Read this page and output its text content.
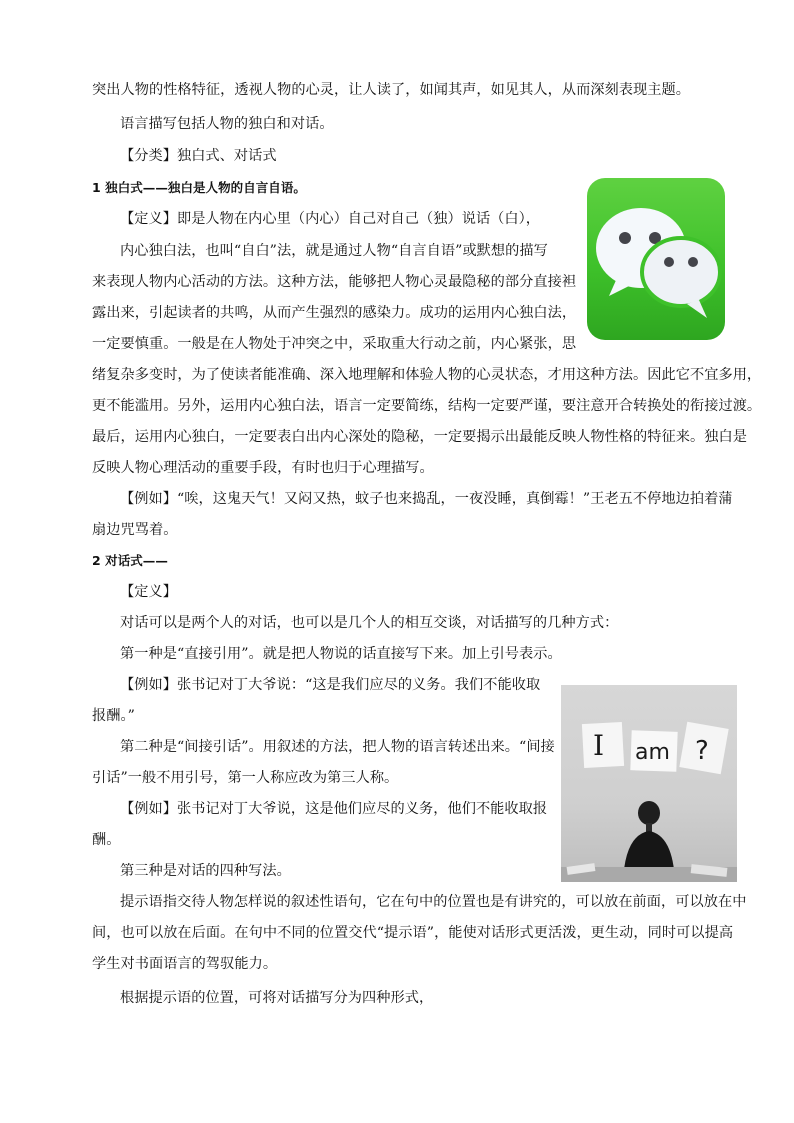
突出人物的性格特征，透视人物的心灵，让人读了，如闻其声，如见其人，从而深刻表现主题。
语言描写包括人物的独白和对话。
【分类】独白式、对话式
1 独白式——独白是人物的自言自语。
【定义】即是人物在内心里（内心）自己对自己（独）说话（白），
内心独白法，也叫“自白”法，就是通过人物“自言自语”或默想的描写
来表现人物内心活动的方法。这种方法，能够把人物心灵最隐秘的部分直接袒
露出来，引起读者的共鸣，从而产生强烈的感染力。成功的运用内心独白法，
一定要慎重。一般是在人物处于冲突之中，采取重大行动之前，内心紧张，思
绪复杂多变时，为了使读者能准确、深入地理解和体验人物的心灵状态，才用这种方法。因此它不宜多用，
更不能滥用。另外，运用内心独白法，语言一定要简练，结构一定要严谨，要注意开合转换处的衔接过渡。
最后，运用内心独白，一定要表白出内心深处的隐秘，一定要揭示出最能反映人物性格的特征来。独白是
反映人物心理活动的重要手段，有时也归于心理描写。
【例如】“唉，这鬼天气！又闷又热，蚊子也来捣乱，一夜没睡，真倒霉！”王老五不停地边拍着蒲
扇边咒骂着。
2 对话式——
【定义】
对话可以是两个人的对话，也可以是几个人的相互交谈，对话描写的几种方式：
第一种是“直接引用”。就是把人物说的话直接写下来。加上引号表示。
【例如】张书记对丁大爷说：“这是我们应尽的义务。我们不能收取
报酬。”
第二种是“间接引话”。用叙述的方法，把人物的语言转述出来。“间接
引话”一般不用引号，第一人称应改为第三人称。
【例如】张书记对丁大爷说，这是他们应尽的义务，他们不能收取报
酬。
第三种是对话的四种写法。
提示语指交待人物怎样说的叙述性语句，它在句中的位置也是有讲究的，可以放在前面，可以放在中
间，也可以放在后面。在句中不同的位置交代“提示语”，能使对话形式更活泼，更生动，同时可以提高
学生对书面语言的驾驭能力。
根据提示语的位置，可将对话描写分为四种形式，
I am ?
